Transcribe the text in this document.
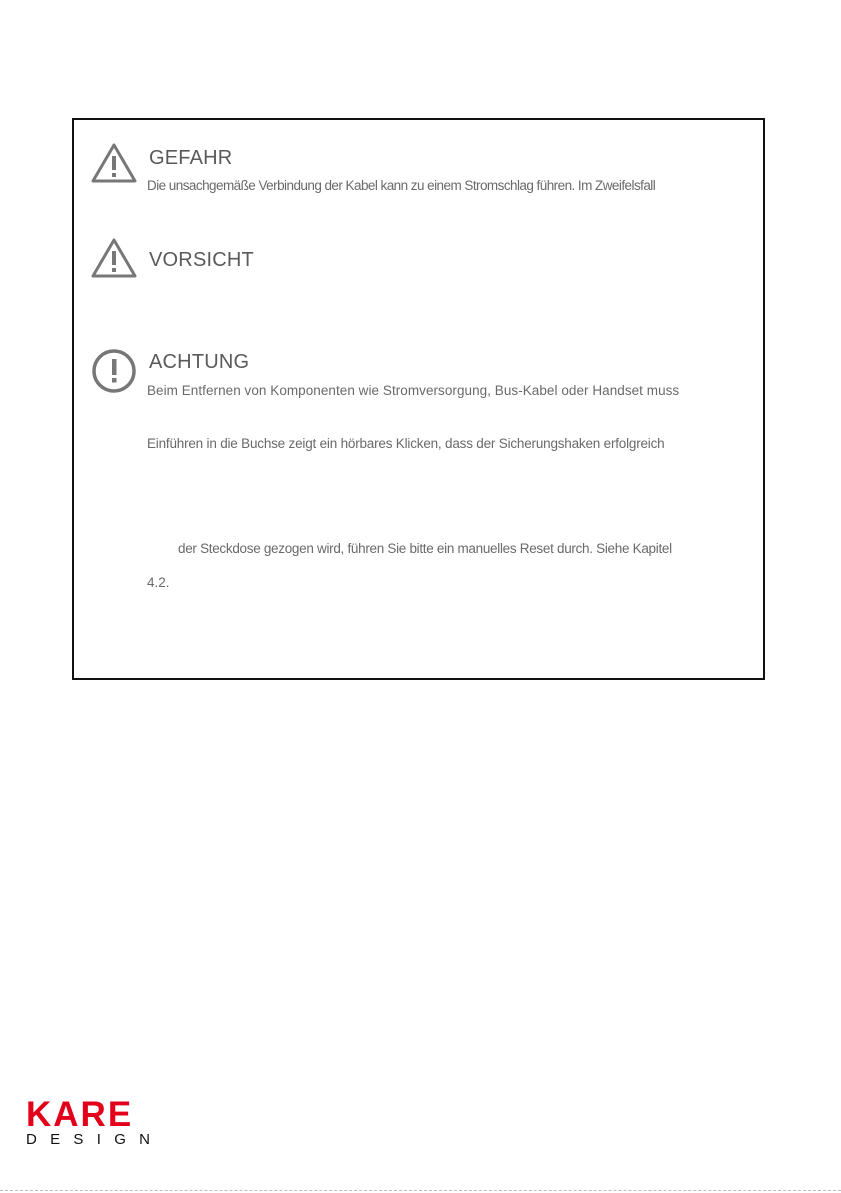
GEFAHR
Die unsachgemäße Verbindung der Kabel kann zu einem Stromschlag führen. Im Zweifelsfall
VORSICHT
ACHTUNG
Beim Entfernen von Komponenten wie Stromversorgung, Bus-Kabel oder Handset muss
Einführen in die Buchse zeigt ein hörbares Klicken, dass der Sicherungshaken erfolgreich
der Steckdose gezogen wird, führen Sie bitte ein manuelles Reset durch. Siehe Kapitel
4.2.
KARE
DESIGN
